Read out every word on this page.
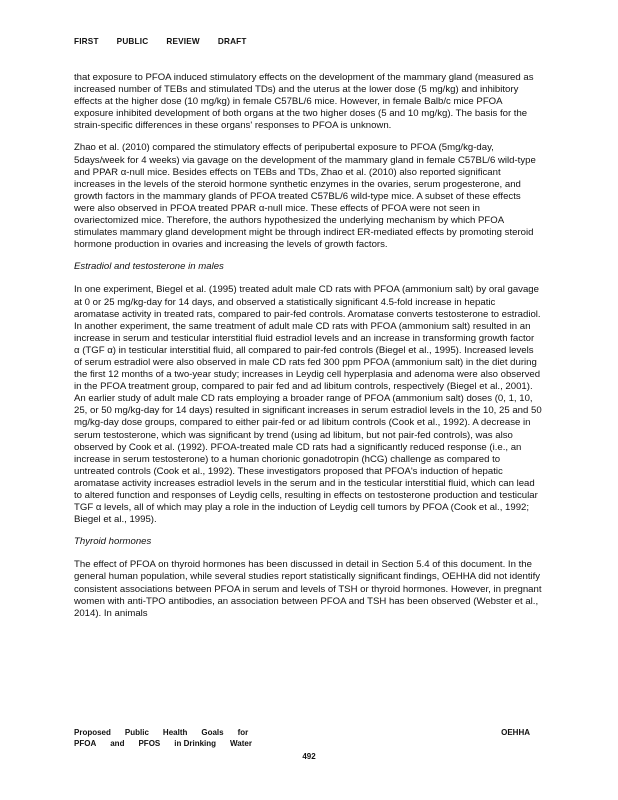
FIRST PUBLIC REVIEW DRAFT

that exposure to PFOA induced stimulatory effects on the development of the mammary gland (measured as increased number of TEBs and stimulated TDs) and the uterus at the lower dose (5 mg/kg) and inhibitory effects at the higher dose (10 mg/kg) in female C57BL/6 mice. However, in female Balb/c mice PFOA exposure inhibited development of both organs at the two higher doses (5 and 10 mg/kg). The basis for the strain-specific differences in these organs' responses to PFOA is unknown.

Zhao et al. (2010) compared the stimulatory effects of peripubertal exposure to PFOA (5mg/kg-day, 5days/week for 4 weeks) via gavage on the development of the mammary gland in female C57BL/6 wild-type and PPAR α-null mice. Besides effects on TEBs and TDs, Zhao et al. (2010) also reported significant increases in the levels of the steroid hormone synthetic enzymes in the ovaries, serum progesterone, and growth factors in the mammary glands of PFOA treated C57BL/6 wild-type mice. A subset of these effects were also observed in PFOA treated PPAR α-null mice. These effects of PFOA were not seen in ovariectomized mice. Therefore, the authors hypothesized the underlying mechanism by which PFOA stimulates mammary gland development might be through indirect ER-mediated effects by promoting steroid hormone production in ovaries and increasing the levels of growth factors.

Estradiol and testosterone in males

In one experiment, Biegel et al. (1995) treated adult male CD rats with PFOA (ammonium salt) by oral gavage at 0 or 25 mg/kg-day for 14 days, and observed a statistically significant 4.5-fold increase in hepatic aromatase activity in treated rats, compared to pair-fed controls. Aromatase converts testosterone to estradiol. In another experiment, the same treatment of adult male CD rats with PFOA (ammonium salt) resulted in an increase in serum and testicular interstitial fluid estradiol levels and an increase in transforming growth factor α (TGF α) in testicular interstitial fluid, all compared to pair-fed controls (Biegel et al., 1995). Increased levels of serum estradiol were also observed in male CD rats fed 300 ppm PFOA (ammonium salt) in the diet during the first 12 months of a two-year study; increases in Leydig cell hyperplasia and adenoma were also observed in the PFOA treatment group, compared to pair fed and ad libitum controls, respectively (Biegel et al., 2001). An earlier study of adult male CD rats employing a broader range of PFOA (ammonium salt) doses (0, 1, 10, 25, or 50 mg/kg-day for 14 days) resulted in significant increases in serum estradiol levels in the 10, 25 and 50 mg/kg-day dose groups, compared to either pair-fed or ad libitum controls (Cook et al., 1992). A decrease in serum testosterone, which was significant by trend (using ad libitum, but not pair-fed controls), was also observed by Cook et al. (1992). PFOA-treated male CD rats had a significantly reduced response (i.e., an increase in serum testosterone) to a human chorionic gonadotropin (hCG) challenge as compared to untreated controls (Cook et al., 1992). These investigators proposed that PFOA's induction of hepatic aromatase activity increases estradiol levels in the serum and in the testicular interstitial fluid, which can lead to altered function and responses of Leydig cells, resulting in effects on testosterone production and testicular TGF α levels, all of which may play a role in the induction of Leydig cell tumors by PFOA (Cook et al., 1992; Biegel et al., 1995).

Thyroid hormones

The effect of PFOA on thyroid hormones has been discussed in detail in Section 5.4 of this document. In the general human population, while several studies report statistically significant findings, OEHHA did not identify consistent associations between PFOA in serum and levels of TSH or thyroid hormones. However, in pregnant women with anti-TPO antibodies, an association between PFOA and TSH has been observed (Webster et al., 2014). In animals

Proposed Public Health Goals for
PFOA and PFOS in Drinking Water
OEHHA
492
